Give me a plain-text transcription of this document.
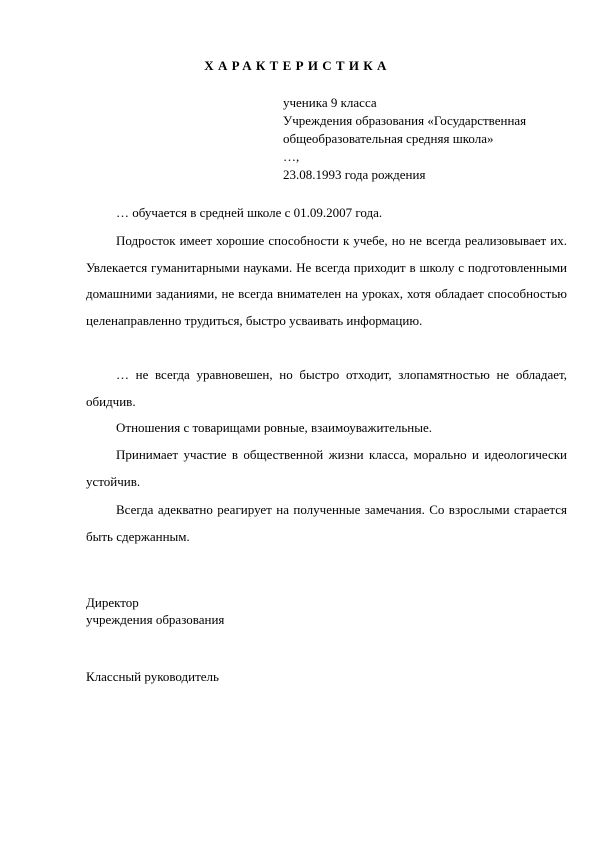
ХАРАКТЕРИСТИКА
ученика 9 класса
Учреждения образования «Государственная
общеобразовательная средняя школа»
…,
23.08.1993 года рождения

… обучается в средней школе с 01.09.2007 года.

Подросток имеет хорошие способности к учебе, но не всегда реализовывает их. Увлекается гуманитарными науками. Не всегда приходит в школу с подготовленными домашними заданиями, не всегда внимателен на уроках, хотя обладает способностью целенаправленно трудиться, быстро усваивать информацию.

… не всегда уравновешен, но быстро отходит, злопамятностью не обладает, обидчив.

Отношения с товарищами ровные, взаимоуважительные.

Принимает участие в общественной жизни класса, морально и идеологически устойчив.

Всегда адекватно реагирует на полученные замечания. Со взрослыми старается быть сдержанным.

Директор
учреждения образования
Классный руководитель
